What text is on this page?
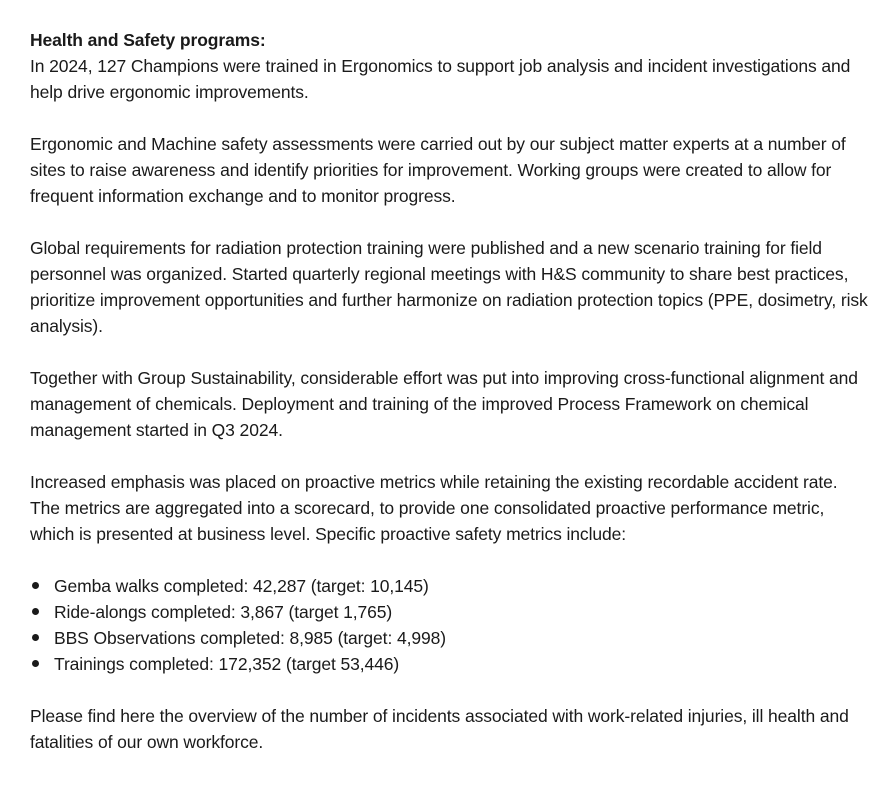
Health and Safety programs:

In 2024, 127 Champions were trained in Ergonomics to support job analysis and incident investigations and help drive ergonomic improvements.

Ergonomic and Machine safety assessments were carried out by our subject matter experts at a number of sites to raise awareness and identify priorities for improvement. Working groups were created to allow for frequent information exchange and to monitor progress.

Global requirements for radiation protection training were published and a new scenario training for field personnel was organized. Started quarterly regional meetings with H&S community to share best practices, prioritize improvement opportunities and further harmonize on radiation protection topics (PPE, dosimetry, risk analysis).

Together with Group Sustainability, considerable effort was put into improving cross-functional alignment and management of chemicals. Deployment and training of the improved Process Framework on chemical management started in Q3 2024.

Increased emphasis was placed on proactive metrics while retaining the existing recordable accident rate. The metrics are aggregated into a scorecard, to provide one consolidated proactive performance metric, which is presented at business level. Specific proactive safety metrics include:

Gemba walks completed: 42,287 (target: 10,145)
Ride-alongs completed: 3,867 (target 1,765)
BBS Observations completed: 8,985 (target: 4,998)
Trainings completed: 172,352 (target 53,446)

Please find here the overview of the number of incidents associated with work-related injuries, ill health and fatalities of our own workforce.
